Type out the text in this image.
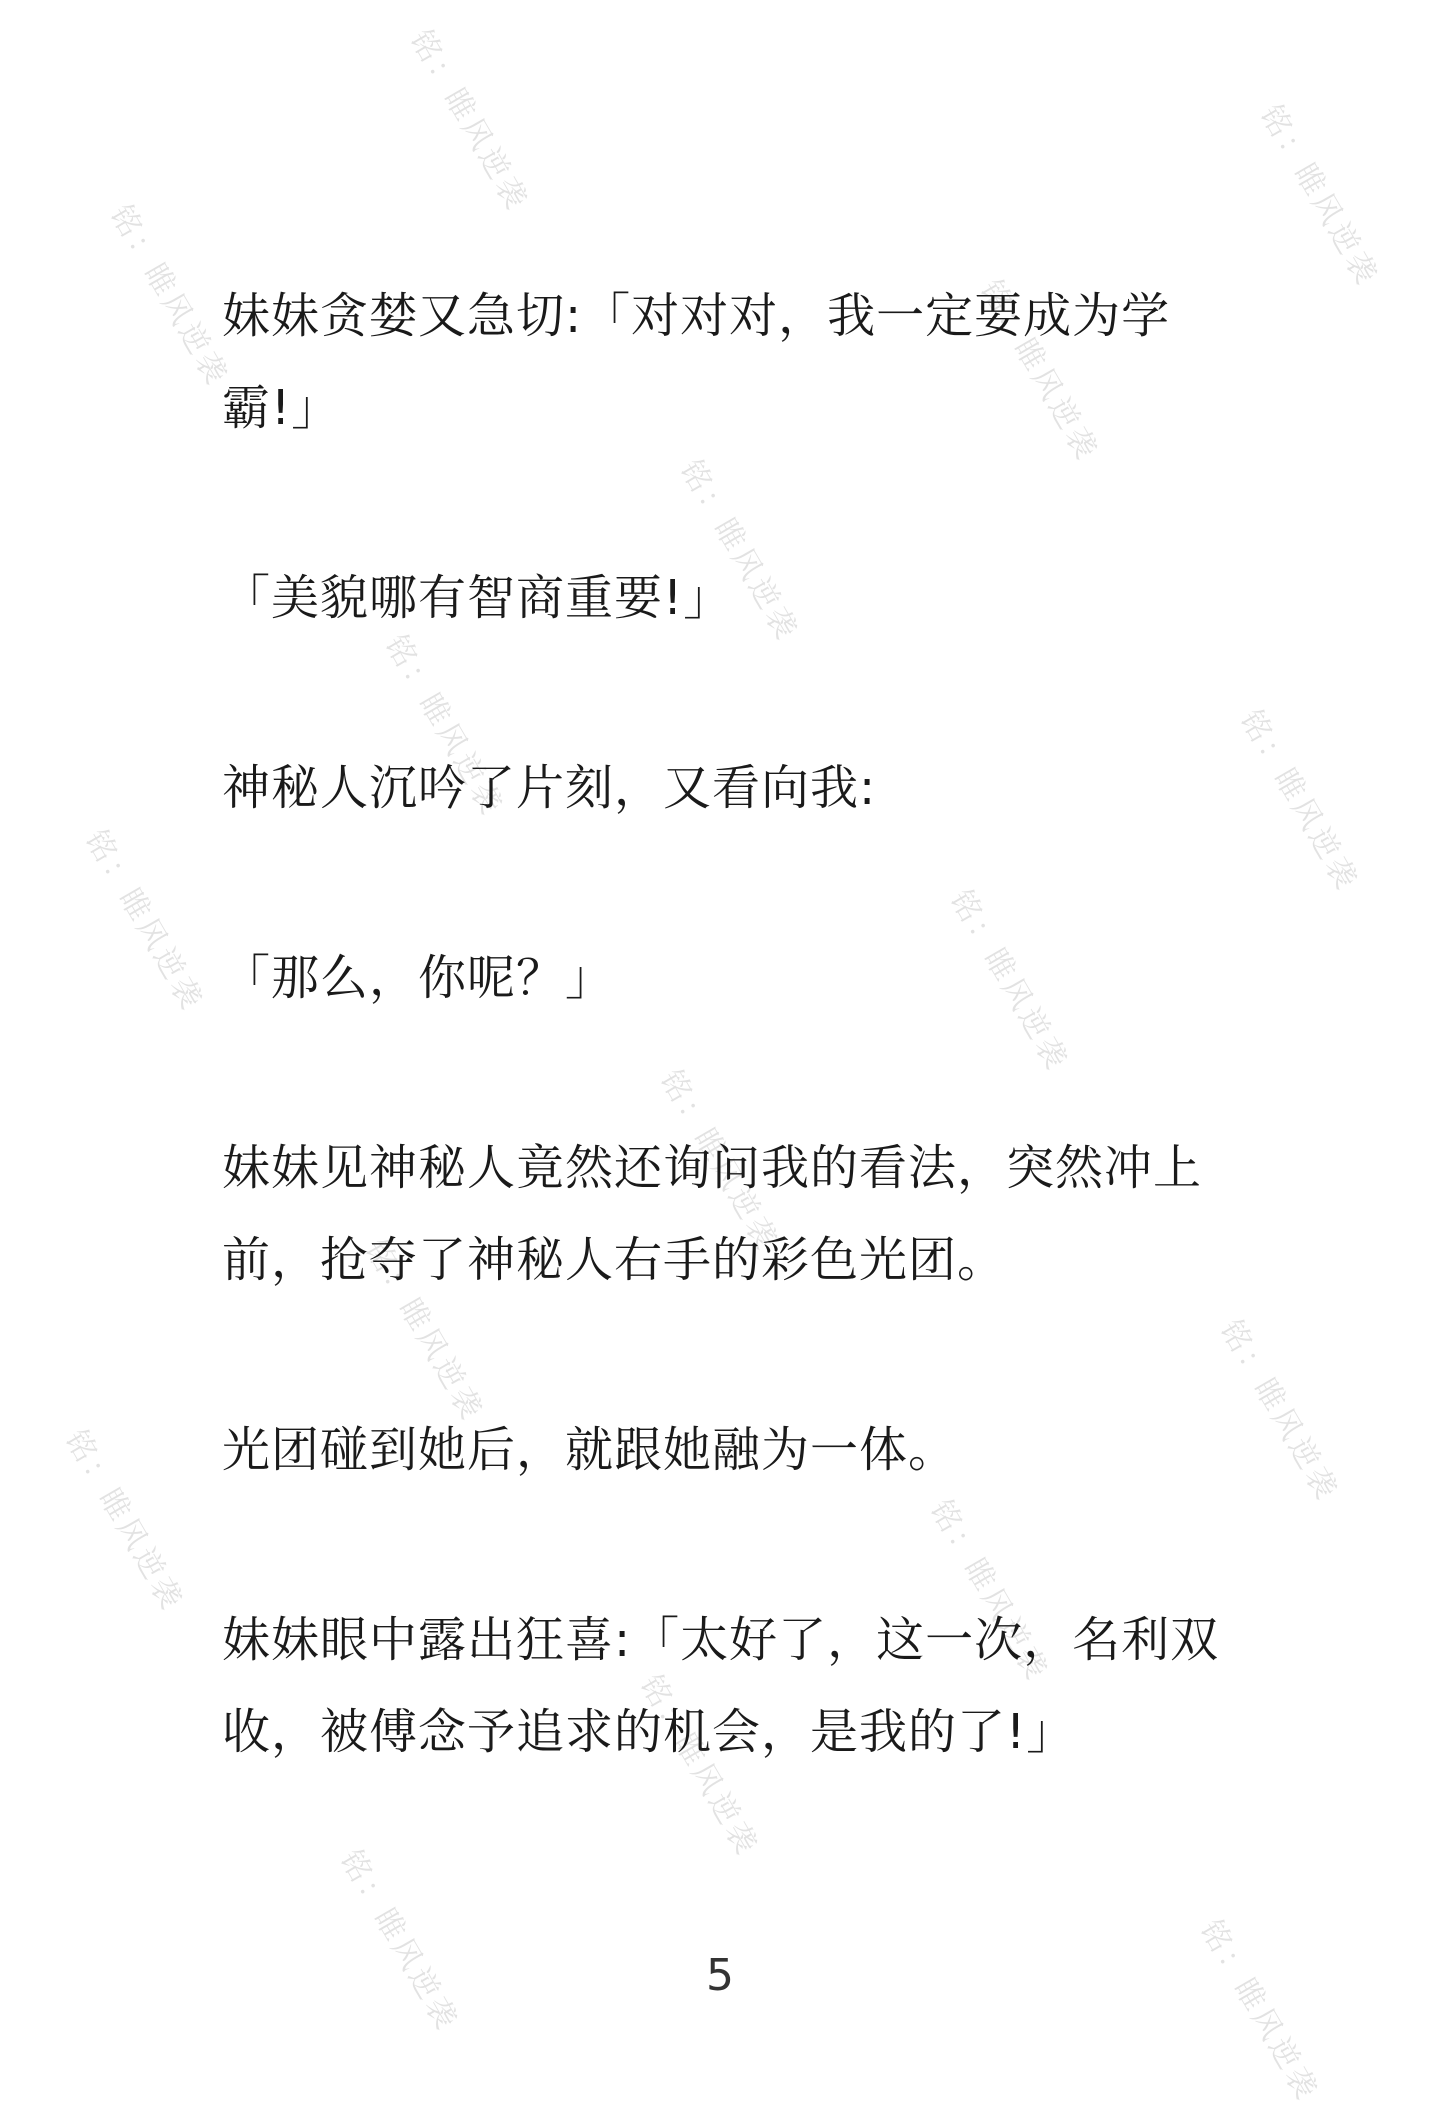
铭：睢风逆袭	铭：睢风逆袭
铭：睢风逆袭	铭：睢风逆袭
铭：睢风逆袭
铭：睢风逆袭	铭：睢风逆袭
铭：睢风逆袭	铭：睢风逆袭
铭：睢风逆袭
铭：睢风逆袭	铭：睢风逆袭
铭：睢风逆袭	铭：睢风逆袭
铭：睢风逆袭
铭：睢风逆袭	铭：睢风逆袭

妹妹贪婪又急切:「对对对，我一定要成为学霸!」

「美貌哪有智商重要!」

神秘人沉吟了片刻，又看向我:

「那么，你呢？」

妹妹见神秘人竟然还询问我的看法，突然冲上前，抢夺了神秘人右手的彩色光团。

光团碰到她后，就跟她融为一体。

妹妹眼中露出狂喜:「太好了，这一次，名利双收，被傅念予追求的机会，是我的了!」

5
